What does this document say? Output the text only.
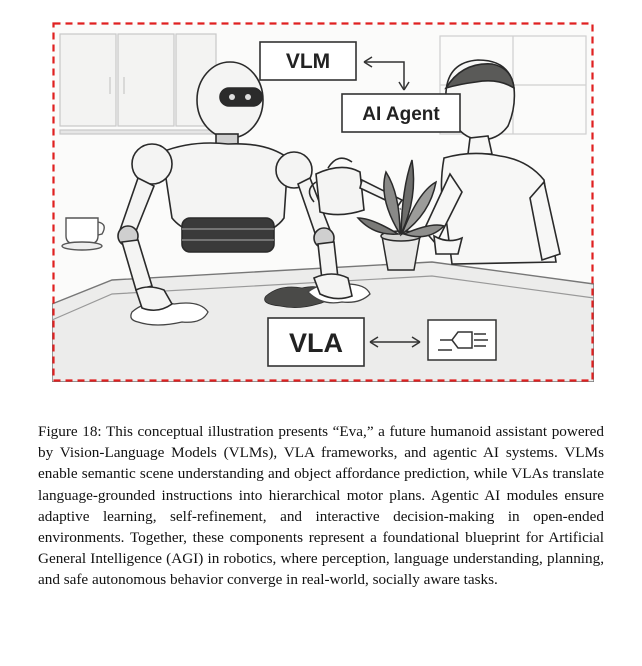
VLM
AI Agent
VLA

Figure 18: This conceptual illustration presents “Eva,” a future humanoid assistant powered by Vision-Language Models (VLMs), VLA frameworks, and agentic AI systems. VLMs enable semantic scene understanding and object affordance prediction, while VLAs translate language-grounded instructions into hierarchical motor plans. Agentic AI modules ensure adaptive learning, self-refinement, and interactive decision-making in open-ended environments. Together, these components represent a foundational blueprint for Artificial General Intelligence (AGI) in robotics, where perception, language understanding, planning, and safe autonomous behavior converge in real-world, socially aware tasks.
